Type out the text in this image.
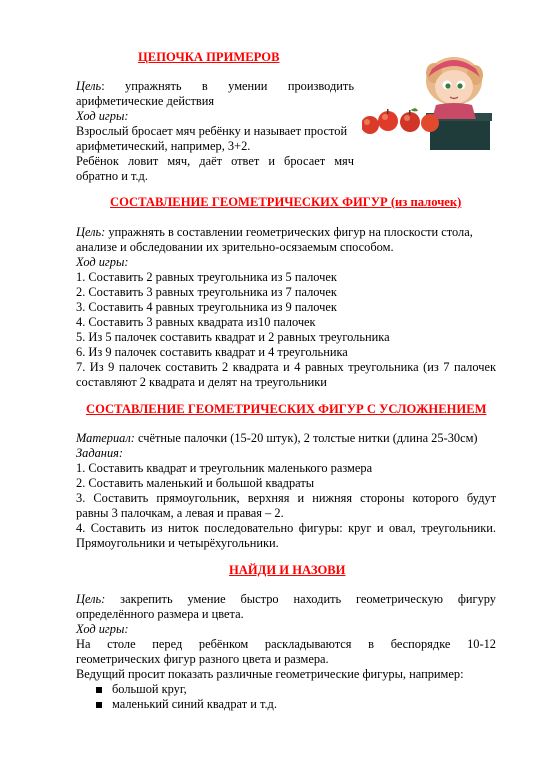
ЦЕПОЧКА ПРИМЕРОВ
Цель: упражнять в умении производить
арифметические действия
Ход игры:
Взрослый бросает мяч ребёнку и называет простой
арифметический, например, 3+2.
Ребёнок ловит мяч, даёт ответ и бросает мяч
обратно и т.д.
СОСТАВЛЕНИЕ ГЕОМЕТРИЧЕСКИХ ФИГУР (из палочек)
Цель: упражнять в составлении геометрических фигур на плоскости стола,
анализе и обследовании их зрительно-осязаемым способом.
Ход игры:
1. Составить 2 равных треугольника из 5 палочек
2. Составить 3 равных треугольника из 7 палочек
3. Составить 4 равных треугольника из 9 палочек
4. Составить 3 равных квадрата из10 палочек
5. Из 5 палочек составить квадрат и 2 равных треугольника
6. Из 9 палочек составить квадрат и 4 треугольника
7. Из 9 палочек составить 2 квадрата и 4 равных треугольника (из 7 палочек
составляют 2 квадрата и делят на треугольники
СОСТАВЛЕНИЕ ГЕОМЕТРИЧЕСКИХ ФИГУР С УСЛОЖНЕНИЕМ
Материал: счётные палочки (15-20 штук), 2 толстые нитки (длина 25-30см)
Задания:
1. Составить квадрат и треугольник маленького размера
2. Составить маленький и большой квадраты
3. Составить прямоугольник, верхняя и нижняя стороны которого будут
равны 3 палочкам, а левая и правая – 2.
4. Составить из ниток последовательно фигуры: круг и овал, треугольники.
Прямоугольники и четырёхугольники.
НАЙДИ И НАЗОВИ
Цель: закрепить умение быстро находить геометрическую фигуру
определённого размера и цвета.
Ход игры:
На столе перед ребёнком раскладываются в беспорядке 10-12
геометрических фигур разного цвета и размера.
Ведущий просит показать различные геометрические фигуры, например:
большой круг,
маленький синий квадрат и т.д.
